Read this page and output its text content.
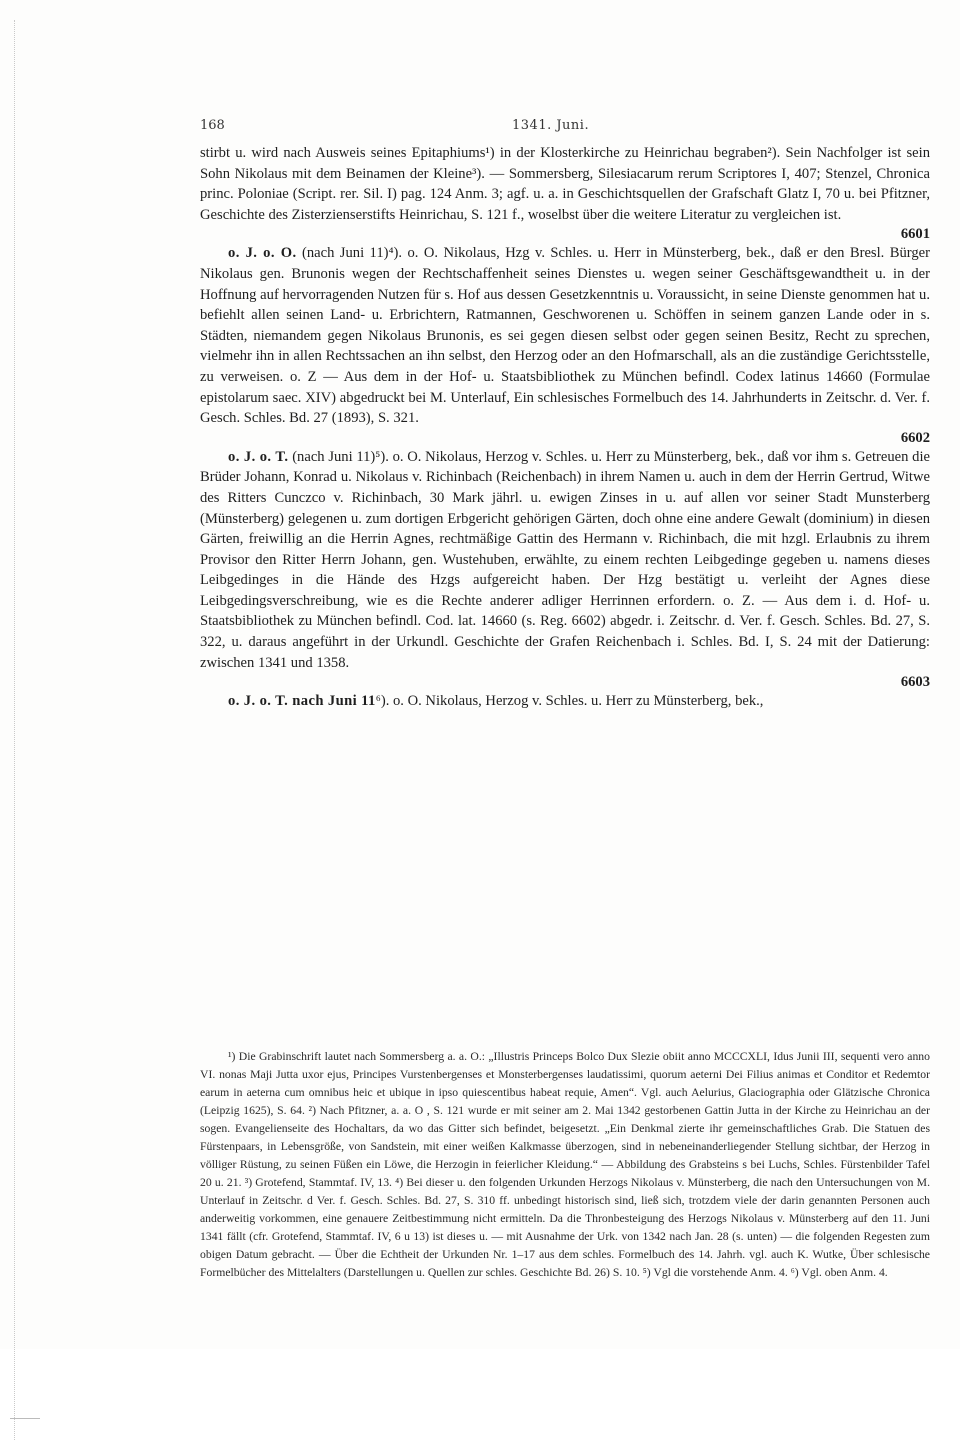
168	1341. Juni.

stirbt u. wird nach Ausweis seines Epitaphiums¹) in der Klosterkirche zu Heinrichau begraben²). Sein Nachfolger ist sein Sohn Nikolaus mit dem Beinamen der Kleine³). — Sommersberg, Silesiacarum rerum Scriptores I, 407; Stenzel, Chronica princ. Poloniae (Script. rer. Sil. I) pag. 124 Anm. 3; agf. u. a. in Geschichtsquellen der Grafschaft Glatz I, 70 u. bei Pfitzner, Geschichte des Zisterzienserstifts Heinrichau, S. 121 f., woselbst über die weitere Literatur zu vergleichen ist.

6601

o. J. o. O. (nach Juni 11)⁴). o. O. Nikolaus, Hzg v. Schles. u. Herr in Münsterberg, bek., daß er den Bresl. Bürger Nikolaus gen. Brunonis wegen der Rechtschaffenheit seines Dienstes u. wegen seiner Geschäftsgewandtheit u. in der Hoffnung auf hervorragenden Nutzen für s. Hof aus dessen Gesetzkenntnis u. Voraussicht, in seine Dienste genommen hat u. befiehlt allen seinen Land- u. Erbrichtern, Ratmannen, Geschworenen u. Schöffen in seinem ganzen Lande oder in s. Städten, niemandem gegen Nikolaus Brunonis, es sei gegen diesen selbst oder gegen seinen Besitz, Recht zu sprechen, vielmehr ihn in allen Rechtssachen an ihn selbst, den Herzog oder an den Hofmarschall, als an die zuständige Gerichtsstelle, zu verweisen. o. Z — Aus dem in der Hof- u. Staatsbibliothek zu München befindl. Codex latinus 14660 (Formulae epistolarum saec. XIV) abgedruckt bei M. Unterlauf, Ein schlesisches Formelbuch des 14. Jahrhunderts in Zeitschr. d. Ver. f. Gesch. Schles. Bd. 27 (1893), S. 321.

6602

o. J. o. T. (nach Juni 11)⁵). o. O. Nikolaus, Herzog v. Schles. u. Herr zu Münsterberg, bek., daß vor ihm s. Getreuen die Brüder Johann, Konrad u. Nikolaus v. Richinbach (Reichenbach) in ihrem Namen u. auch in dem der Herrin Gertrud, Witwe des Ritters Cunczco v. Richinbach, 30 Mark jährl. u. ewigen Zinses in u. auf allen vor seiner Stadt Munsterberg (Münsterberg) gelegenen u. zum dortigen Erbgericht gehörigen Gärten, doch ohne eine andere Gewalt (dominium) in diesen Gärten, freiwillig an die Herrin Agnes, rechtmäßige Gattin des Hermann v. Richinbach, die mit hzgl. Erlaubnis zu ihrem Provisor den Ritter Herrn Johann, gen. Wustehuben, erwählte, zu einem rechten Leibgedinge gegeben u. namens dieses Leibgedinges in die Hände des Hzgs aufgereicht haben. Der Hzg bestätigt u. verleiht der Agnes diese Leibgedingsverschreibung, wie es die Rechte anderer adliger Herrinnen erfordern. o. Z. — Aus dem i. d. Hof- u. Staatsbibliothek zu München befindl. Cod. lat. 14660 (s. Reg. 6602) abgedr. i. Zeitschr. d. Ver. f. Gesch. Schles. Bd. 27, S. 322, u. daraus angeführt in der Urkundl. Geschichte der Grafen Reichenbach i. Schles. Bd. I, S. 24 mit der Datierung: zwischen 1341 und 1358.

6603

o. J. o. T. nach Juni 11⁶). o. O. Nikolaus, Herzog v. Schles. u. Herr zu Münsterberg, bek.,

¹) Die Grabinschrift lautet nach Sommersberg a. a. O.: „Illustris Princeps Bolco Dux Slezie obiit anno MCCCXLI, Idus Junii III, sequenti vero anno VI. nonas Maji Jutta uxor ejus, Principes Vurstenbergenses et Monsterbergenses laudatissimi, quorum aeterni Dei Filius animas et Conditor et Redemtor earum in aeterna cum omnibus heic et ubique in ipso quiescentibus habeat requie, Amen“. Vgl. auch Aelurius, Glaciographia oder Glätzische Chronica (Leipzig 1625), S. 64. ²) Nach Pfitzner, a. a. O , S. 121 wurde er mit seiner am 2. Mai 1342 gestorbenen Gattin Jutta in der Kirche zu Heinrichau an der sogen. Evangelienseite des Hochaltars, da wo das Gitter sich befindet, beigesetzt. „Ein Denkmal zierte ihr gemeinschaftliches Grab. Die Statuen des Fürstenpaars, in Lebensgröße, von Sandstein, mit einer weißen Kalkmasse überzogen, sind in nebeneinanderliegender Stellung sichtbar, der Herzog in völliger Rüstung, zu seinen Füßen ein Löwe, die Herzogin in feierlicher Kleidung.“ — Abbildung des Grabsteins s bei Luchs, Schles. Fürstenbilder Tafel 20 u. 21. ³) Grotefend, Stammtaf. IV, 13. ⁴) Bei dieser u. den folgenden Urkunden Herzogs Nikolaus v. Münsterberg, die nach den Untersuchungen von M. Unterlauf in Zeitschr. d Ver. f. Gesch. Schles. Bd. 27, S. 310 ff. unbedingt historisch sind, ließ sich, trotzdem viele der darin genannten Personen auch anderweitig vorkommen, eine genauere Zeitbestimmung nicht ermitteln. Da die Thronbesteigung des Herzogs Nikolaus v. Münsterberg auf den 11. Juni 1341 fällt (cfr. Grotefend, Stammtaf. IV, 6 u 13) ist dieses u. — mit Ausnahme der Urk. von 1342 nach Jan. 28 (s. unten) — die folgenden Regesten zum obigen Datum gebracht. — Über die Echtheit der Urkunden Nr. 1–17 aus dem schles. Formelbuch des 14. Jahrh. vgl. auch K. Wutke, Über schlesische Formelbücher des Mittelalters (Darstellungen u. Quellen zur schles. Geschichte Bd. 26) S. 10. ⁵) Vgl die vorstehende Anm. 4. ⁶) Vgl. oben Anm. 4.
